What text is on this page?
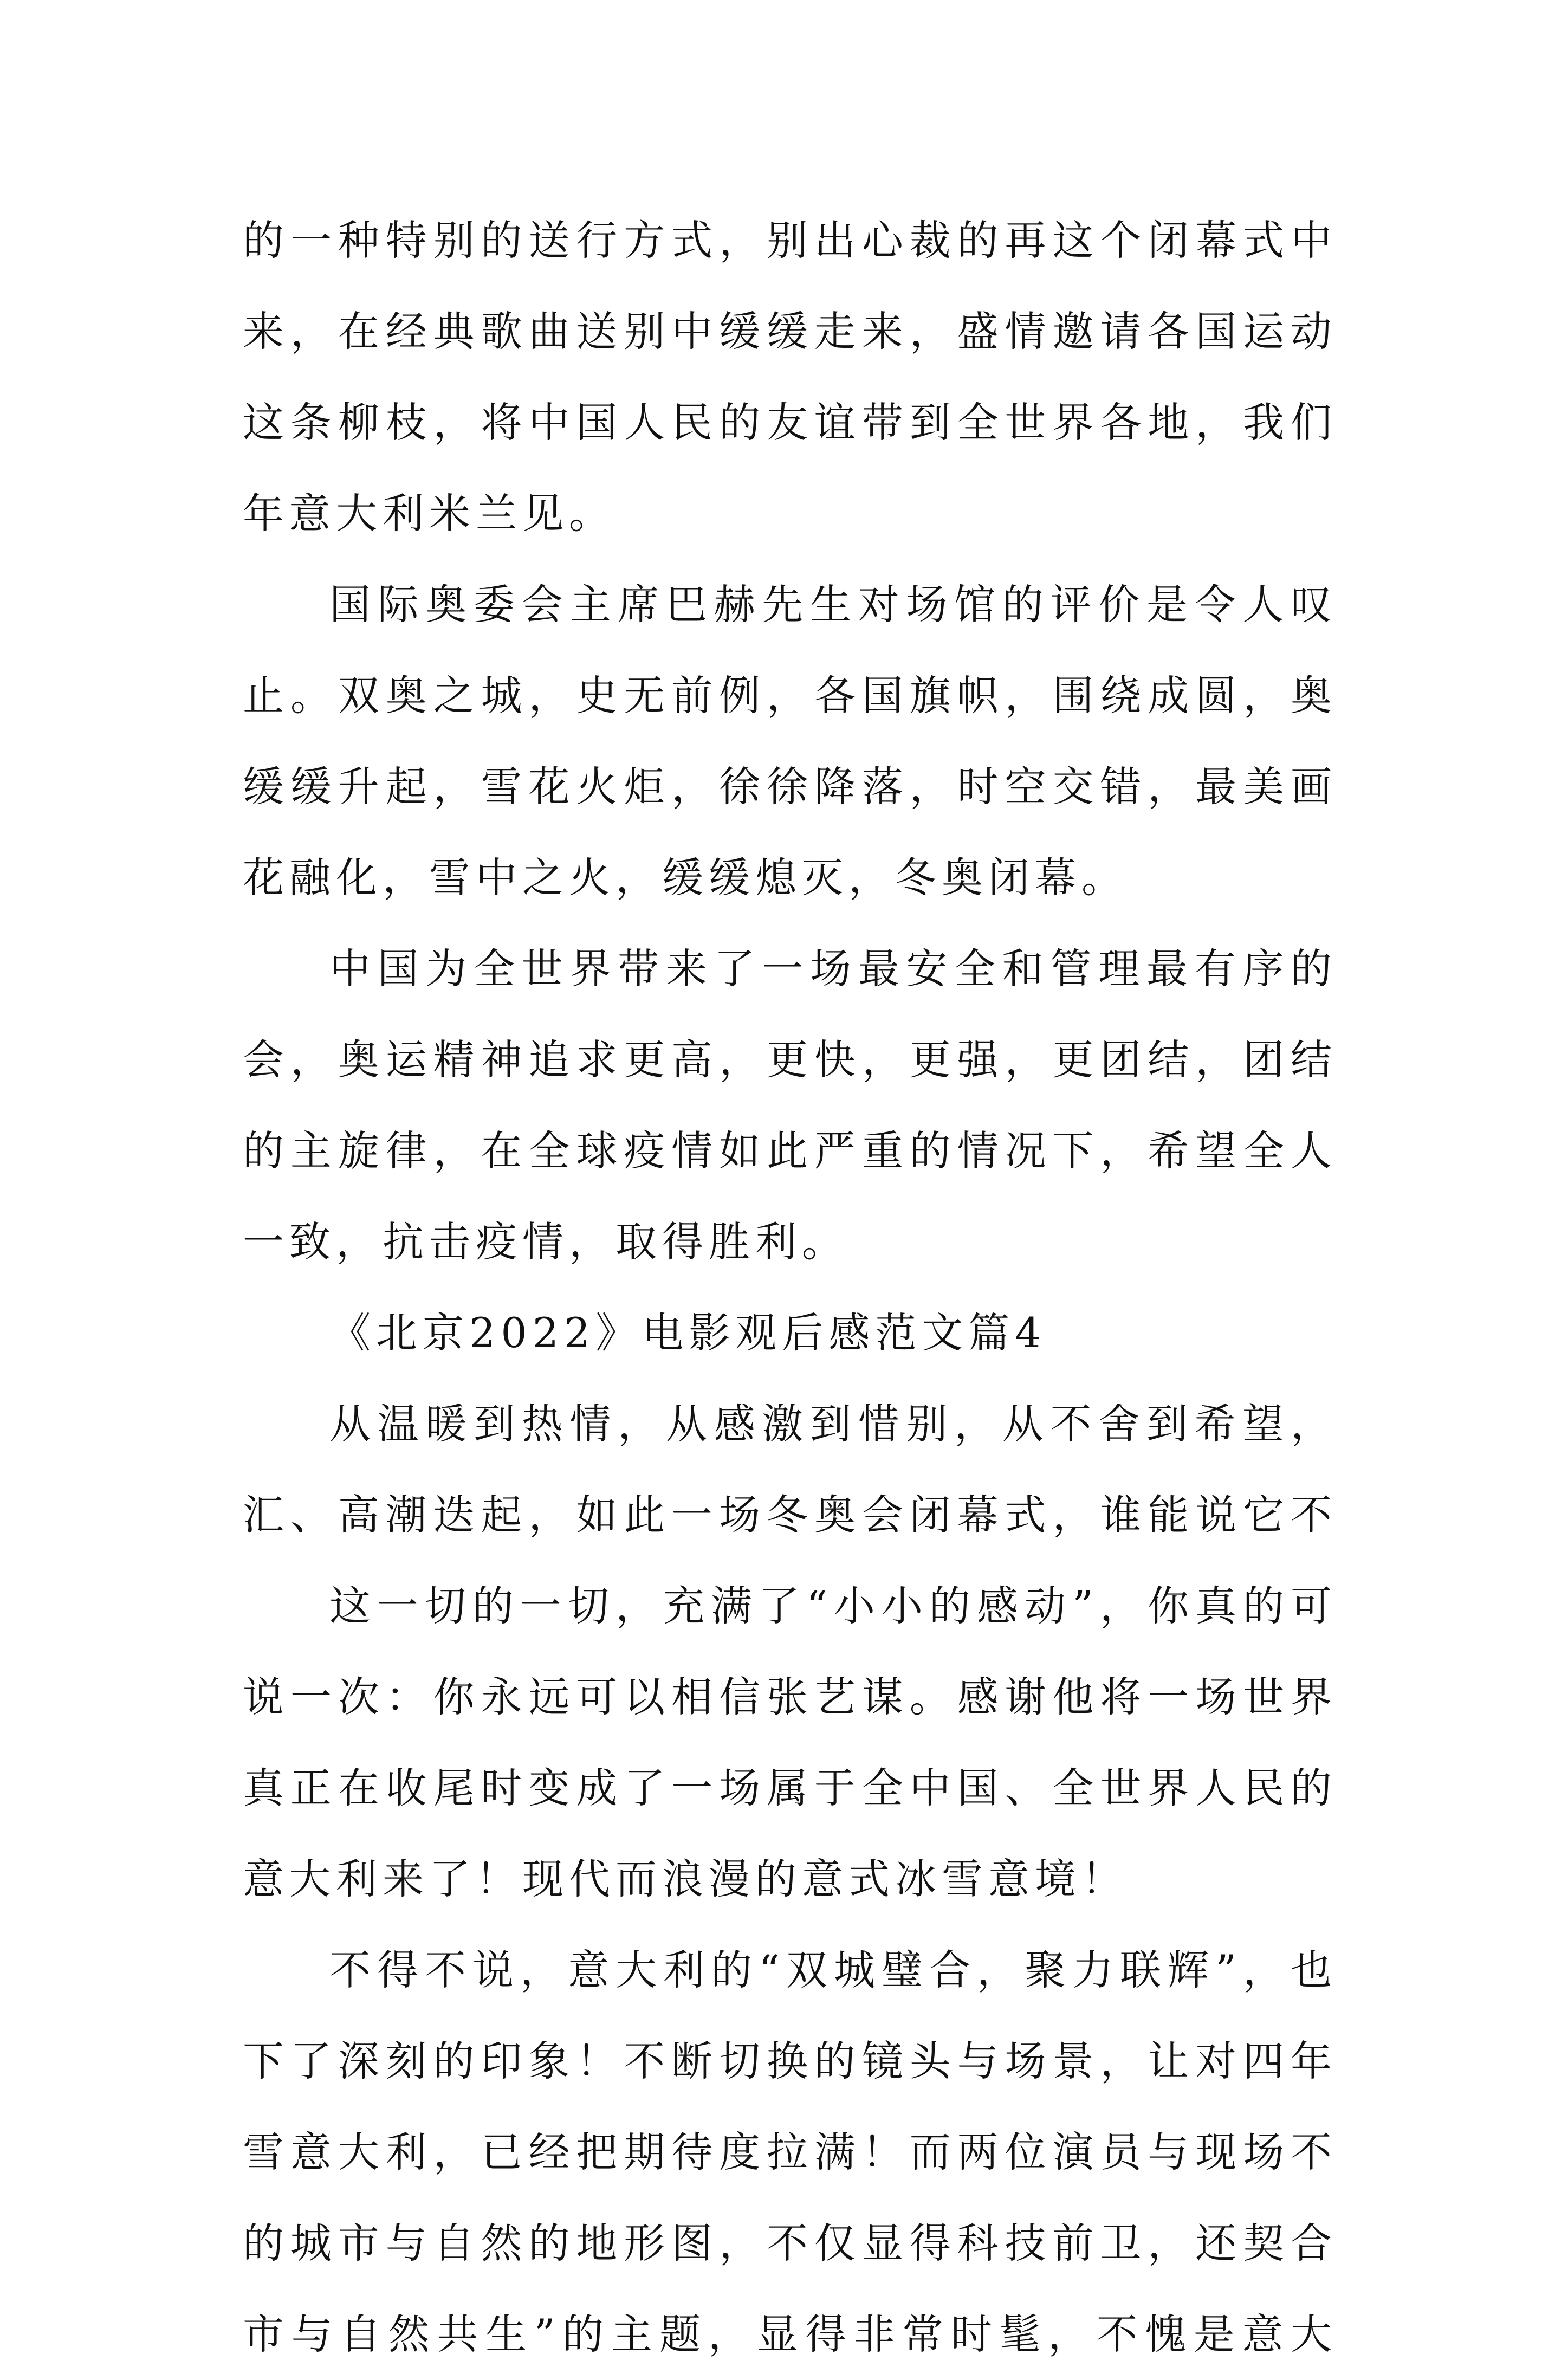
的一种特别的送行方式，别出心裁的再这个闭幕式中
来，在经典歌曲送别中缓缓走来，盛情邀请各国运动
这条柳枝，将中国人民的友谊带到全世界各地，我们
年意大利米兰见。
国际奥委会主席巴赫先生对场馆的评价是令人叹
止。双奥之城，史无前例，各国旗帜，围绕成圆，奥
缓缓升起，雪花火炬，徐徐降落，时空交错，最美画
花融化，雪中之火，缓缓熄灭，冬奥闭幕。
中国为全世界带来了一场最安全和管理最有序的
会，奥运精神追求更高，更快，更强，更团结，团结
的主旋律，在全球疫情如此严重的情况下，希望全人
一致，抗击疫情，取得胜利。
《北京2022》电影观后感范文篇4
从温暖到热情，从感激到惜别，从不舍到希望，
汇、高潮迭起，如此一场冬奥会闭幕式，谁能说它不
这一切的一切，充满了“小小的感动”，你真的可
说一次：你永远可以相信张艺谋。感谢他将一场世界
真正在收尾时变成了一场属于全中国、全世界人民的
意大利来了！现代而浪漫的意式冰雪意境！
不得不说，意大利的“双城璧合，聚力联辉”，也
下了深刻的印象！不断切换的镜头与场景，让对四年
雪意大利，已经把期待度拉满！而两位演员与现场不
的城市与自然的地形图，不仅显得科技前卫，还契合
市与自然共生”的主题，显得非常时髦，不愧是意大
